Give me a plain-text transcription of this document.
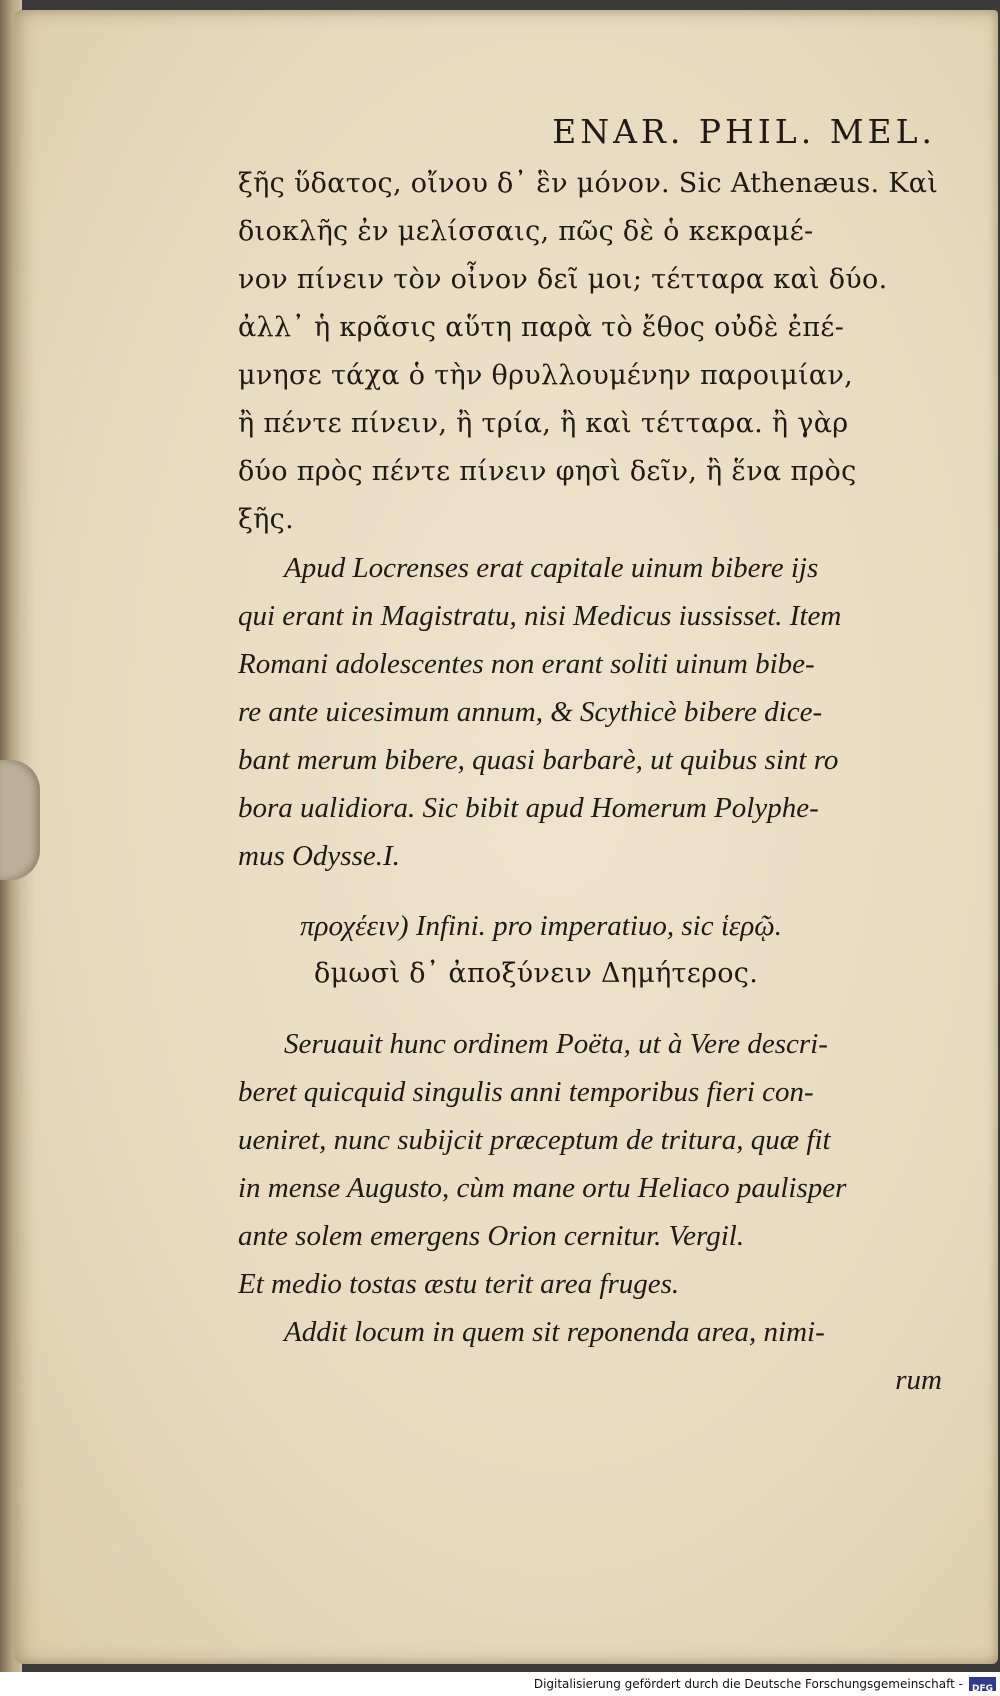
ENAR. PHIL. MEL.
ξῆς ὕδατος, οἴνου δ᾽ ἓν μόνον. Sic Athenæus. Καὶ
διοκλῆς ἐν μελίσσαις, πῶς δὲ ὁ κεκραμέ-
νον πίνειν τὸν οἶνον δεῖ μοι; τέτταρα καὶ δύο.
ἀλλ᾽ ἡ κρᾶσις αὕτη παρὰ τὸ ἔθος οὐδὲ ἐπέ-
μνησε τάχα ὁ τὴν θρυλλουμένην παροιμίαν,
ἢ πέντε πίνειν, ἢ τρία, ἢ καὶ τέτταρα. ἢ γὰρ
δύο πρὸς πέντε πίνειν φησὶ δεῖν, ἢ ἕνα πρὸς
ξῆς.
Apud Locrenses erat capitale uinum bibere ijs
qui erant in Magistratu, nisi Medicus iussisset. Item
Romani adolescentes non erant soliti uinum bibe-
re ante uicesimum annum, & Scythicè bibere dice-
bant merum bibere, quasi barbarè, ut quibus sint ro
bora ualidiora. Sic bibit apud Homerum Polyphe-
mus Odysse.I.
προχέειν) Infini. pro imperatiuo, sic ἱερῷ.
δμωσὶ δ᾽ ἀποξύνειν Δημήτερος.
Seruauit hunc ordinem Poëta, ut à Vere descri-
beret quicquid singulis anni temporibus fieri con-
ueniret, nunc subijcit præceptum de tritura, quæ fit
in mense Augusto, cùm mane ortu Heliaco paulisper
ante solem emergens Orion cernitur. Vergil.
Et medio tostas æstu terit area fruges.
Addit locum in quem sit reponenda area, nimi-
rum
Digitalisierung gefördert durch die Deutsche Forschungsgemeinschaft - DFG
